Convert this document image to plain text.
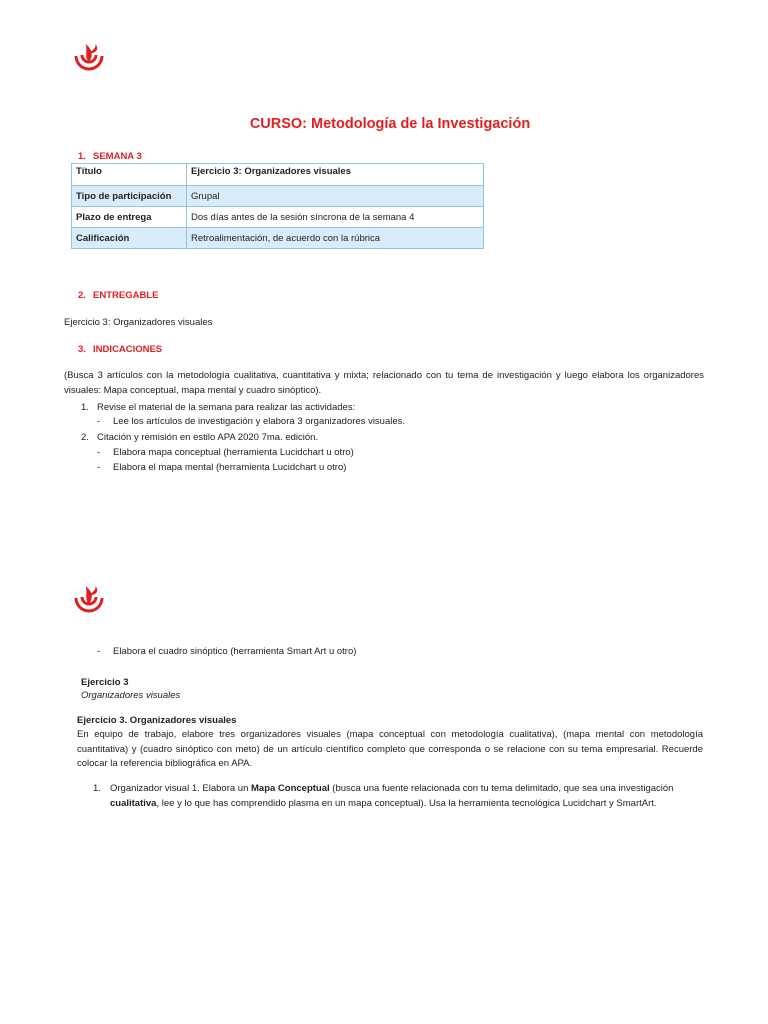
CURSO: Metodología de la Investigación
1. SEMANA 3
Título	Ejercicio 3: Organizadores visuales
Tipo de participación	Grupal
Plazo de entrega	Dos días antes de la sesión síncrona de la semana 4
Calificación	Retroalimentación, de acuerdo con la rúbrica
2. ENTREGABLE
Ejercicio 3: Organizadores visuales
3. INDICACIONES
(Busca 3 artículos con la metodología cualitativa, cuantitativa y mixta; relacionado con tu tema de investigación y luego elabora los organizadores visuales: Mapa conceptual, mapa mental y cuadro sinóptico).
1. Revise el material de la semana para realizar las actividades:
- Lee los artículos de investigación y elabora 3 organizadores visuales.
2. Citación y remisión en estilo APA 2020 7ma. edición.
- Elabora mapa conceptual (herramienta Lucidchart u otro)
- Elabora el mapa mental (herramienta Lucidchart u otro)
- Elabora el cuadro sinóptico (herramienta Smart Art u otro)
Ejercicio 3
Organizadores visuales
Ejercicio 3. Organizadores visuales
En equipo de trabajo, elabore tres organizadores visuales (mapa conceptual con metodología cualitativa), (mapa mental con metodología cuantitativa) y (cuadro sinóptico con meto) de un artículo científico completo que corresponda o se relacione con su tema empresarial. Recuerde colocar la referencia bibliográfica en APA.
1. Organizador visual 1. Elabora un Mapa Conceptual (busca una fuente relacionada con tu tema delimitado, que sea una investigación cualitativa, lee y lo que has comprendido plasma en un mapa conceptual). Usa la herramienta tecnológica Lucidchart y SmartArt.
